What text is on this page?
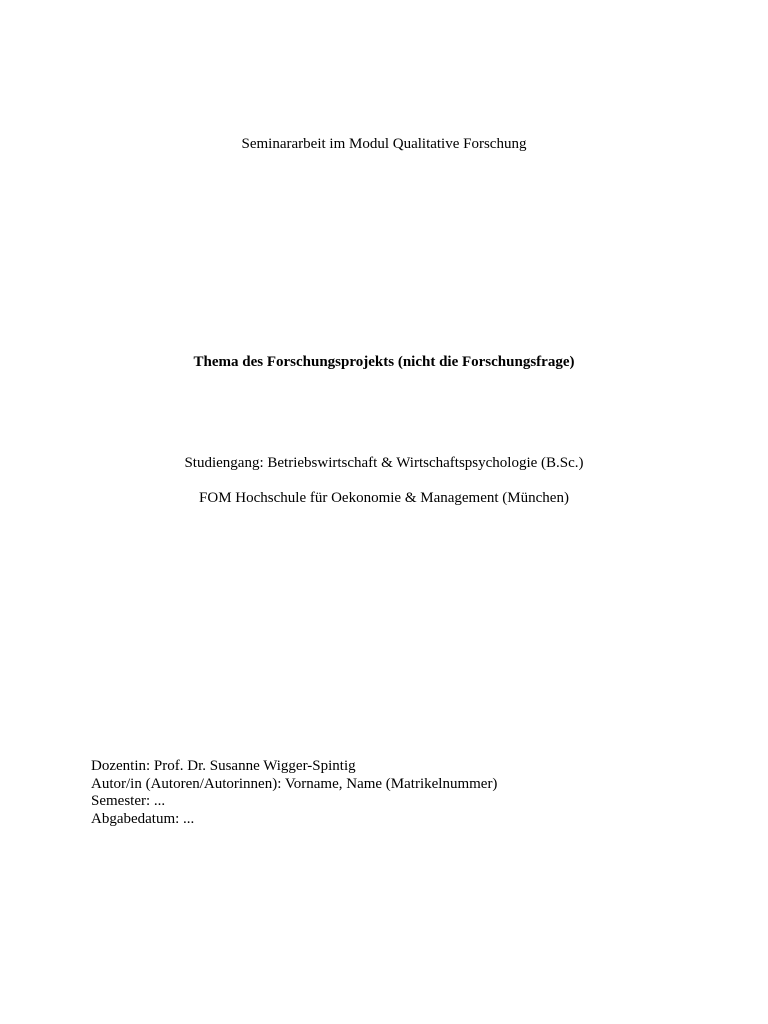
Seminararbeit im Modul Qualitative Forschung
Thema des Forschungsprojekts (nicht die Forschungsfrage)
Studiengang: Betriebswirtschaft & Wirtschaftspsychologie (B.Sc.)
FOM Hochschule für Oekonomie & Management (München)
Dozentin: Prof. Dr. Susanne Wigger-Spintig
Autor/in (Autoren/Autorinnen): Vorname, Name (Matrikelnummer)
Semester: ...
Abgabedatum: ...
